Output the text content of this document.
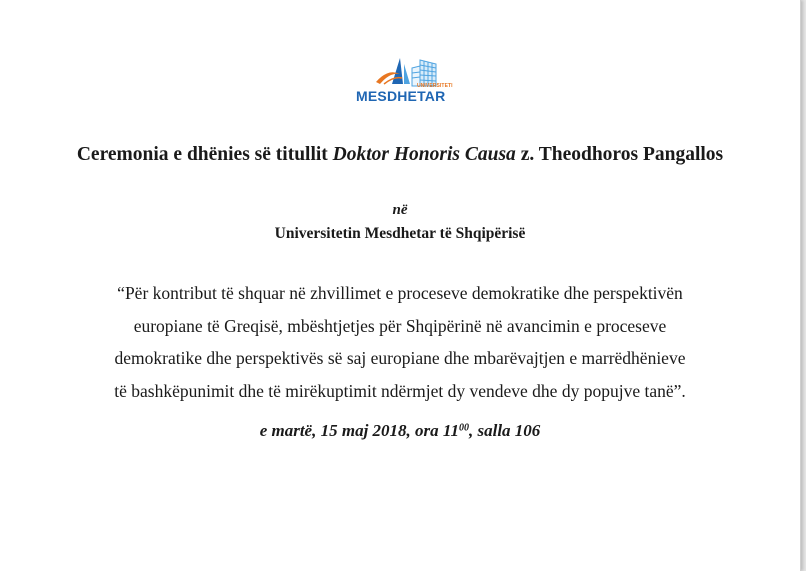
UNIVERSITETI
MESDHETAR
Ceremonia e dhënies së titullit Doktor Honoris Causa z. Theodhoros Pangallos
në
Universitetin Mesdhetar të Shqipërisë
“Për kontribut të shquar në zhvillimet e proceseve demokratike dhe perspektivën
europiane të Greqisë, mbështjetjes për Shqipërinë në avancimin e proceseve
demokratike dhe perspektivës së saj europiane dhe mbarëvajtjen e marrëdhënieve
të bashkëpunimit dhe të mirëkuptimit ndërmjet dy vendeve dhe dy popujve tanë”.
e martë, 15 maj 2018, ora $11^{00}$, salla 106
